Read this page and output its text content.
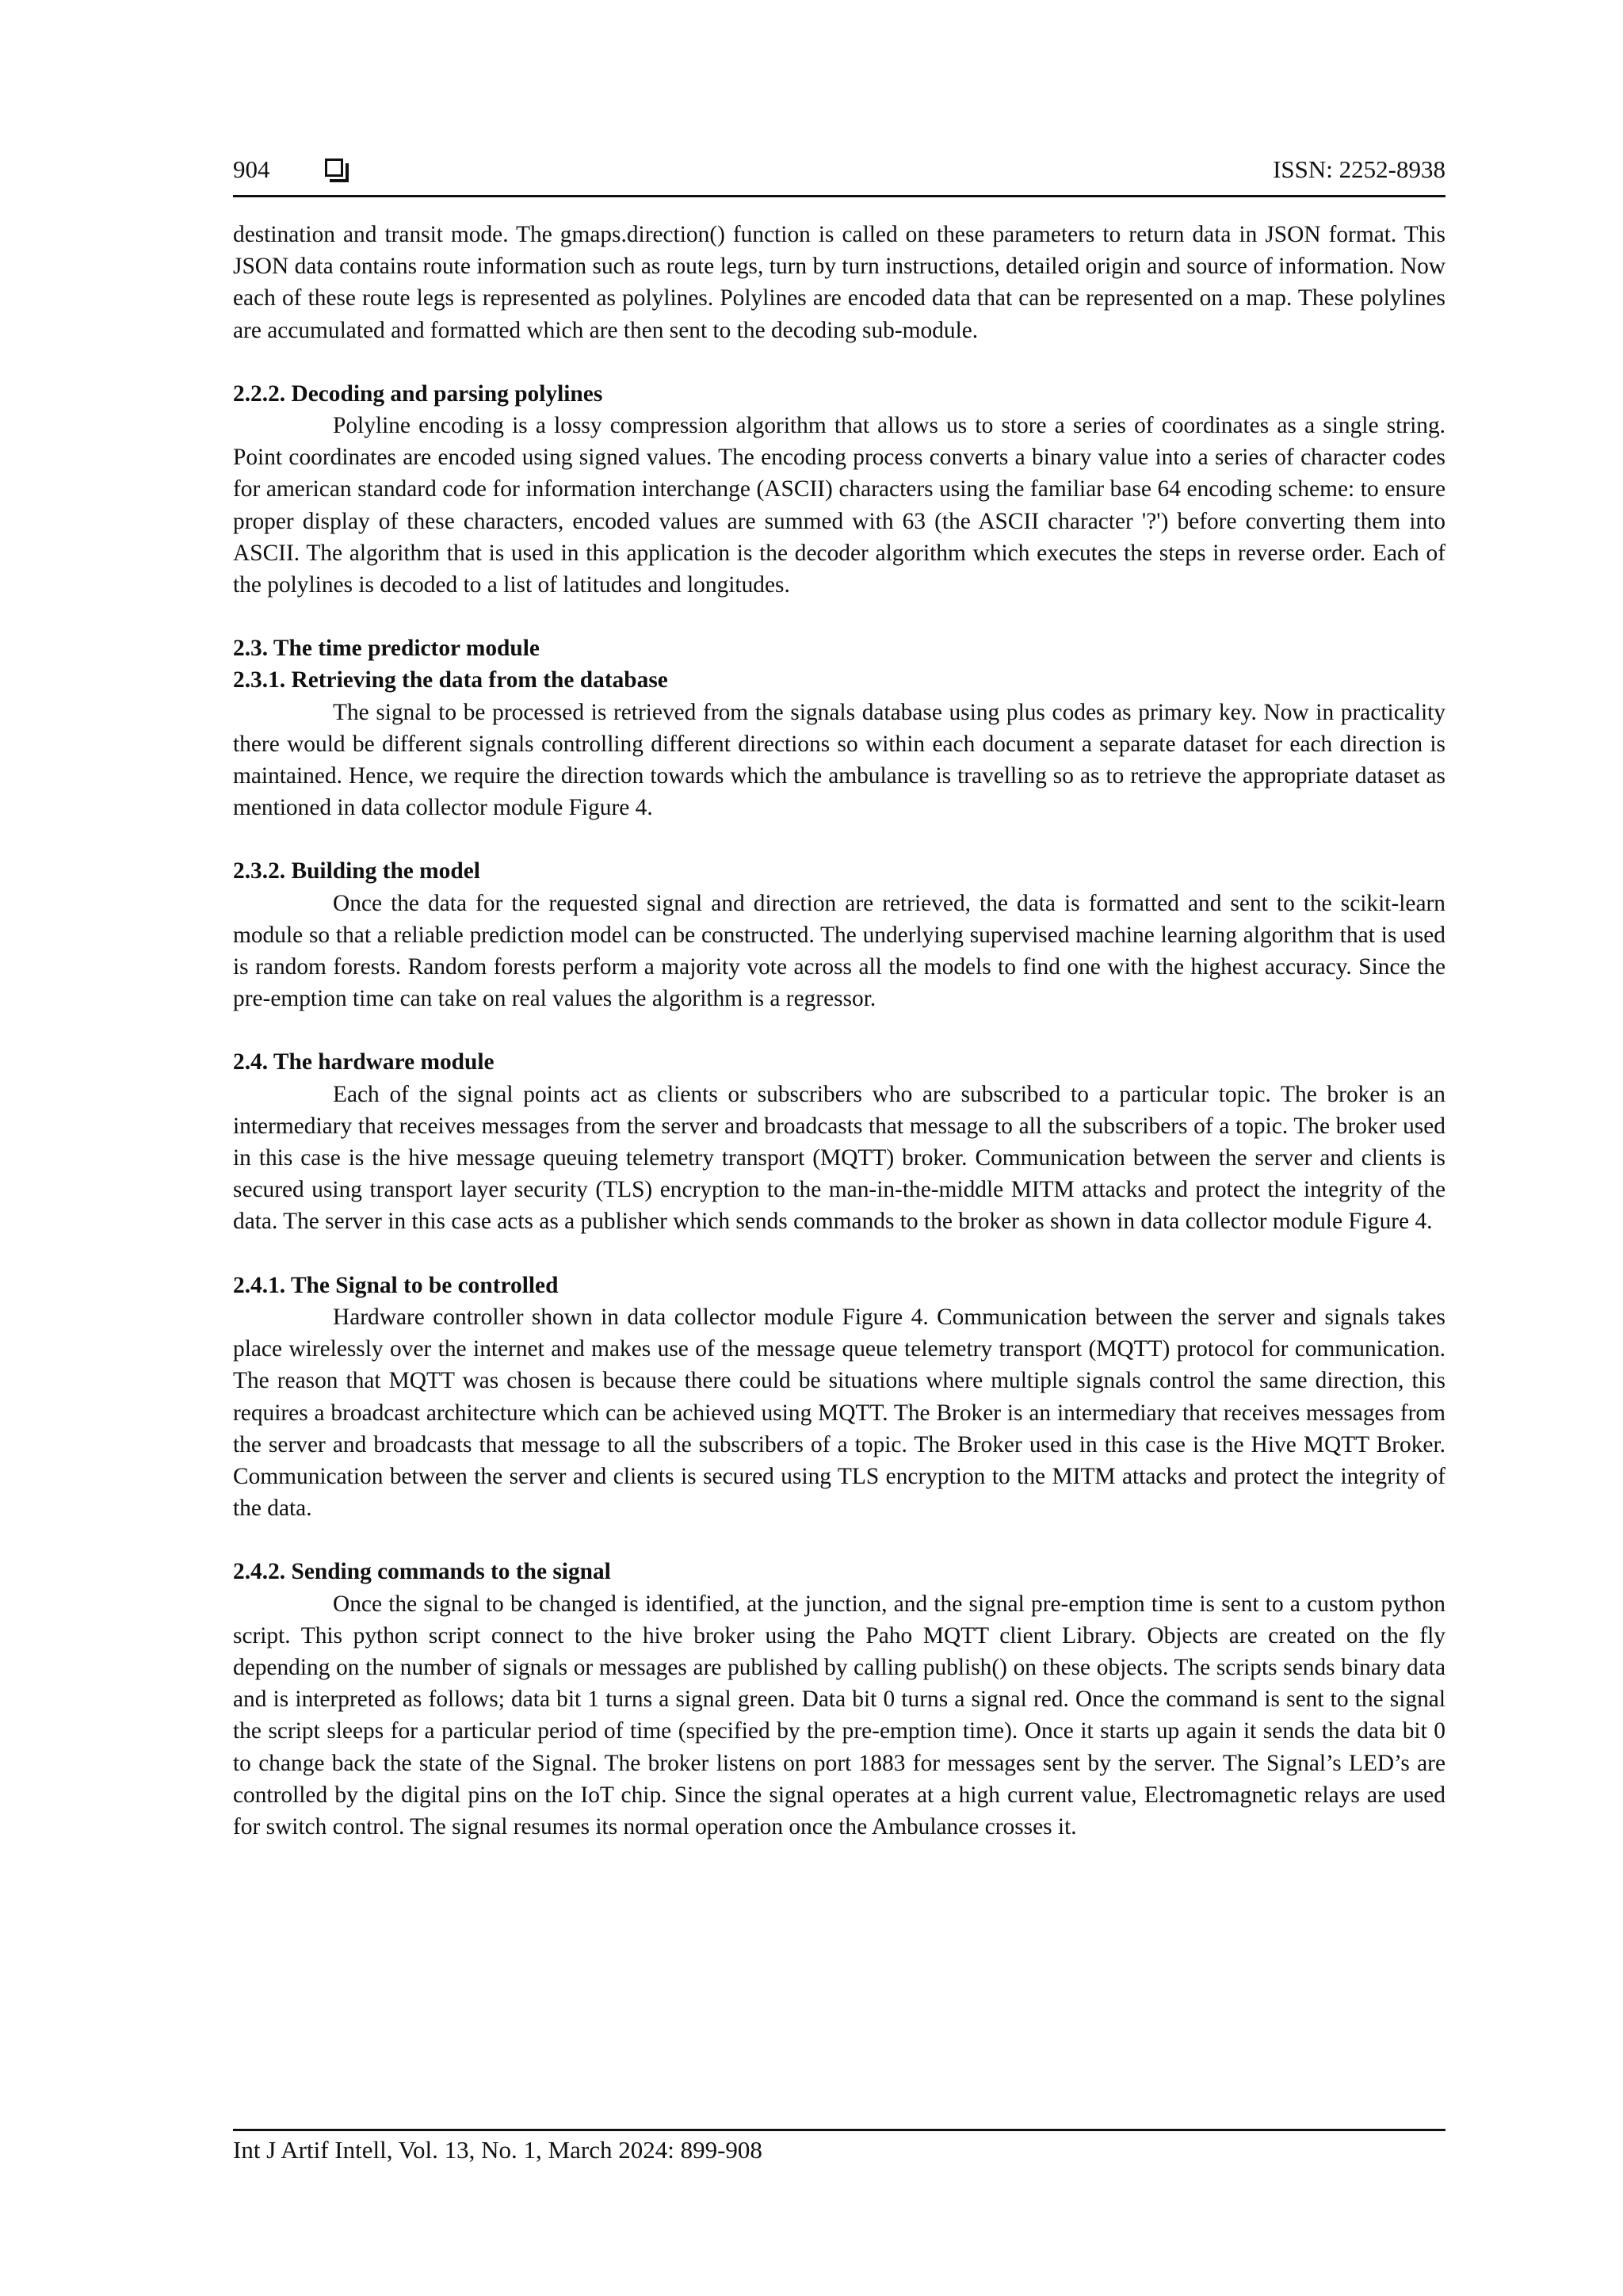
904	ISSN: 2252-8938

destination and transit mode. The gmaps.direction() function is called on these parameters to return data in JSON format. This JSON data contains route information such as route legs, turn by turn instructions, detailed origin and source of information. Now each of these route legs is represented as polylines. Polylines are encoded data that can be represented on a map. These polylines are accumulated and formatted which are then sent to the decoding sub-module.

2.2.2. Decoding and parsing polylines

Polyline encoding is a lossy compression algorithm that allows us to store a series of coordinates as a single string. Point coordinates are encoded using signed values. The encoding process converts a binary value into a series of character codes for american standard code for information interchange (ASCII) characters using the familiar base 64 encoding scheme: to ensure proper display of these characters, encoded values are summed with 63 (the ASCII character '?') before converting them into ASCII. The algorithm that is used in this application is the decoder algorithm which executes the steps in reverse order. Each of the polylines is decoded to a list of latitudes and longitudes.

2.3. The time predictor module
2.3.1. Retrieving the data from the database

The signal to be processed is retrieved from the signals database using plus codes as primary key. Now in practicality there would be different signals controlling different directions so within each document a separate dataset for each direction is maintained. Hence, we require the direction towards which the ambulance is travelling so as to retrieve the appropriate dataset as mentioned in data collector module Figure 4.

2.3.2. Building the model

Once the data for the requested signal and direction are retrieved, the data is formatted and sent to the scikit-learn module so that a reliable prediction model can be constructed. The underlying supervised machine learning algorithm that is used is random forests. Random forests perform a majority vote across all the models to find one with the highest accuracy. Since the pre-emption time can take on real values the algorithm is a regressor.

2.4. The hardware module

Each of the signal points act as clients or subscribers who are subscribed to a particular topic. The broker is an intermediary that receives messages from the server and broadcasts that message to all the subscribers of a topic. The broker used in this case is the hive message queuing telemetry transport (MQTT) broker. Communication between the server and clients is secured using transport layer security (TLS) encryption to the man-in-the-middle MITM attacks and protect the integrity of the data. The server in this case acts as a publisher which sends commands to the broker as shown in data collector module Figure 4.

2.4.1. The Signal to be controlled

Hardware controller shown in data collector module Figure 4. Communication between the server and signals takes place wirelessly over the internet and makes use of the message queue telemetry transport (MQTT) protocol for communication. The reason that MQTT was chosen is because there could be situations where multiple signals control the same direction, this requires a broadcast architecture which can be achieved using MQTT. The Broker is an intermediary that receives messages from the server and broadcasts that message to all the subscribers of a topic. The Broker used in this case is the Hive MQTT Broker. Communication between the server and clients is secured using TLS encryption to the MITM attacks and protect the integrity of the data.

2.4.2. Sending commands to the signal

Once the signal to be changed is identified, at the junction, and the signal pre-emption time is sent to a custom python script. This python script connect to the hive broker using the Paho MQTT client Library. Objects are created on the fly depending on the number of signals or messages are published by calling publish() on these objects. The scripts sends binary data and is interpreted as follows; data bit 1 turns a signal green. Data bit 0 turns a signal red. Once the command is sent to the signal the script sleeps for a particular period of time (specified by the pre-emption time). Once it starts up again it sends the data bit 0 to change back the state of the Signal. The broker listens on port 1883 for messages sent by the server. The Signal’s LED’s are controlled by the digital pins on the IoT chip. Since the signal operates at a high current value, Electromagnetic relays are used for switch control. The signal resumes its normal operation once the Ambulance crosses it.

Int J Artif Intell, Vol. 13, No. 1, March 2024: 899-908
